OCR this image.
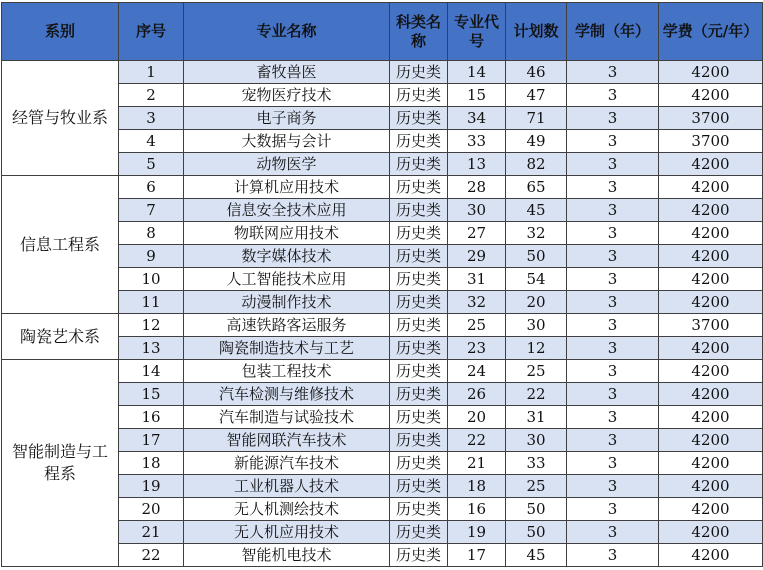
系别	序号	专业名称	科类名称	专业代号	计划数	学制（年）	学费（元/年）
经管与牧业系	1	畜牧兽医	历史类	14	46	3	4200
	2	宠物医疗技术	历史类	15	47	3	4200
	3	电子商务	历史类	34	71	3	3700
	4	大数据与会计	历史类	33	49	3	3700
	5	动物医学	历史类	13	82	3	4200
信息工程系	6	计算机应用技术	历史类	28	65	3	4200
	7	信息安全技术应用	历史类	30	45	3	4200
	8	物联网应用技术	历史类	27	32	3	4200
	9	数字媒体技术	历史类	29	50	3	4200
	10	人工智能技术应用	历史类	31	54	3	4200
	11	动漫制作技术	历史类	32	20	3	4200
陶瓷艺术系	12	高速铁路客运服务	历史类	25	30	3	3700
	13	陶瓷制造技术与工艺	历史类	23	12	3	4200
智能制造与工程系	14	包装工程技术	历史类	24	25	3	4200
	15	汽车检测与维修技术	历史类	26	22	3	4200
	16	汽车制造与试验技术	历史类	20	31	3	4200
	17	智能网联汽车技术	历史类	22	30	3	4200
	18	新能源汽车技术	历史类	21	33	3	4200
	19	工业机器人技术	历史类	18	25	3	4200
	20	无人机测绘技术	历史类	16	50	3	4200
	21	无人机应用技术	历史类	19	50	3	4200
	22	智能机电技术	历史类	17	45	3	4200
